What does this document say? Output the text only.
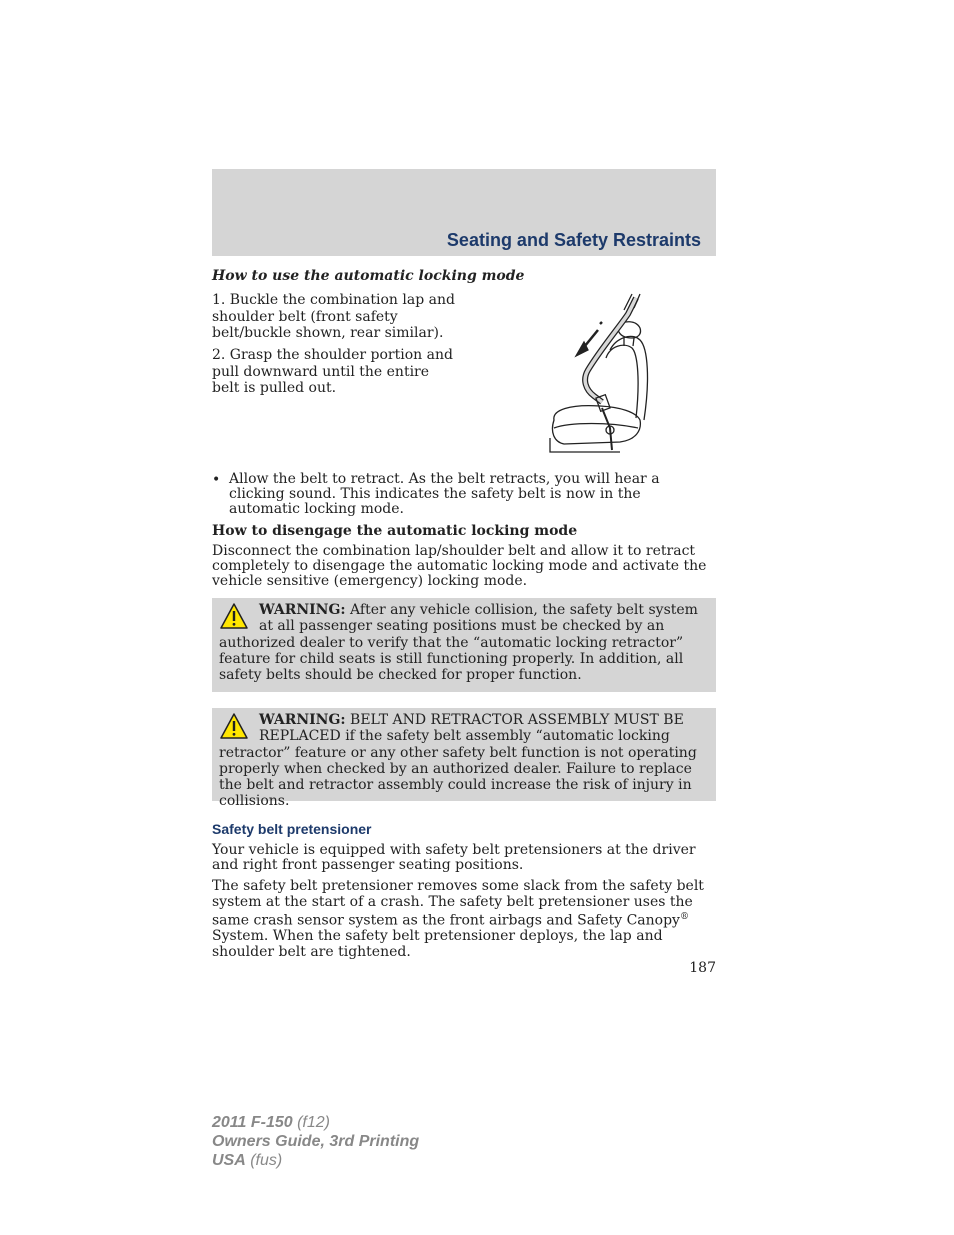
Seating and Safety Restraints
How to use the automatic locking mode
1. Buckle the combination lap and shoulder belt (front safety belt/buckle shown, rear similar).
2. Grasp the shoulder portion and pull downward until the entire belt is pulled out.
• Allow the belt to retract. As the belt retracts, you will hear a clicking sound. This indicates the safety belt is now in the automatic locking mode.
How to disengage the automatic locking mode
Disconnect the combination lap/shoulder belt and allow it to retract completely to disengage the automatic locking mode and activate the vehicle sensitive (emergency) locking mode.
WARNING: After any vehicle collision, the safety belt system at all passenger seating positions must be checked by an authorized dealer to verify that the “automatic locking retractor” feature for child seats is still functioning properly. In addition, all safety belts should be checked for proper function.
WARNING: BELT AND RETRACTOR ASSEMBLY MUST BE REPLACED if the safety belt assembly “automatic locking retractor” feature or any other safety belt function is not operating properly when checked by an authorized dealer. Failure to replace the belt and retractor assembly could increase the risk of injury in collisions.
Safety belt pretensioner
Your vehicle is equipped with safety belt pretensioners at the driver and right front passenger seating positions.
The safety belt pretensioner removes some slack from the safety belt system at the start of a crash. The safety belt pretensioner uses the same crash sensor system as the front airbags and Safety Canopy® System. When the safety belt pretensioner deploys, the lap and shoulder belt are tightened.
187
2011 F-150 (f12)
Owners Guide, 3rd Printing
USA (fus)
